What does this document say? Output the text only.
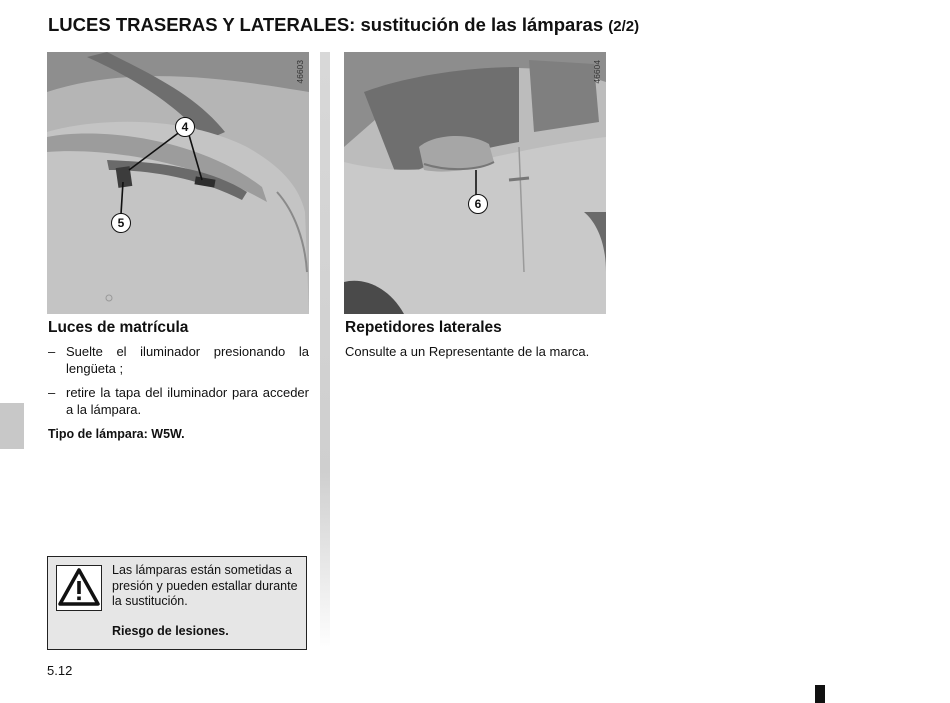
LUCES TRASERAS Y LATERALES: sustitución de las lámparas (2/2)
46603
4
5
46604
6
Luces de matrícula
– Suelte el iluminador presionando la lengüeta ;
– retire la tapa del iluminador para acceder a la lámpara.
Tipo de lámpara: W5W.
Repetidores laterales
Consulte a un Representante de la marca.
Las lámparas están sometidas a presión y pueden estallar durante la sustitución.
Riesgo de lesiones.
5.12
